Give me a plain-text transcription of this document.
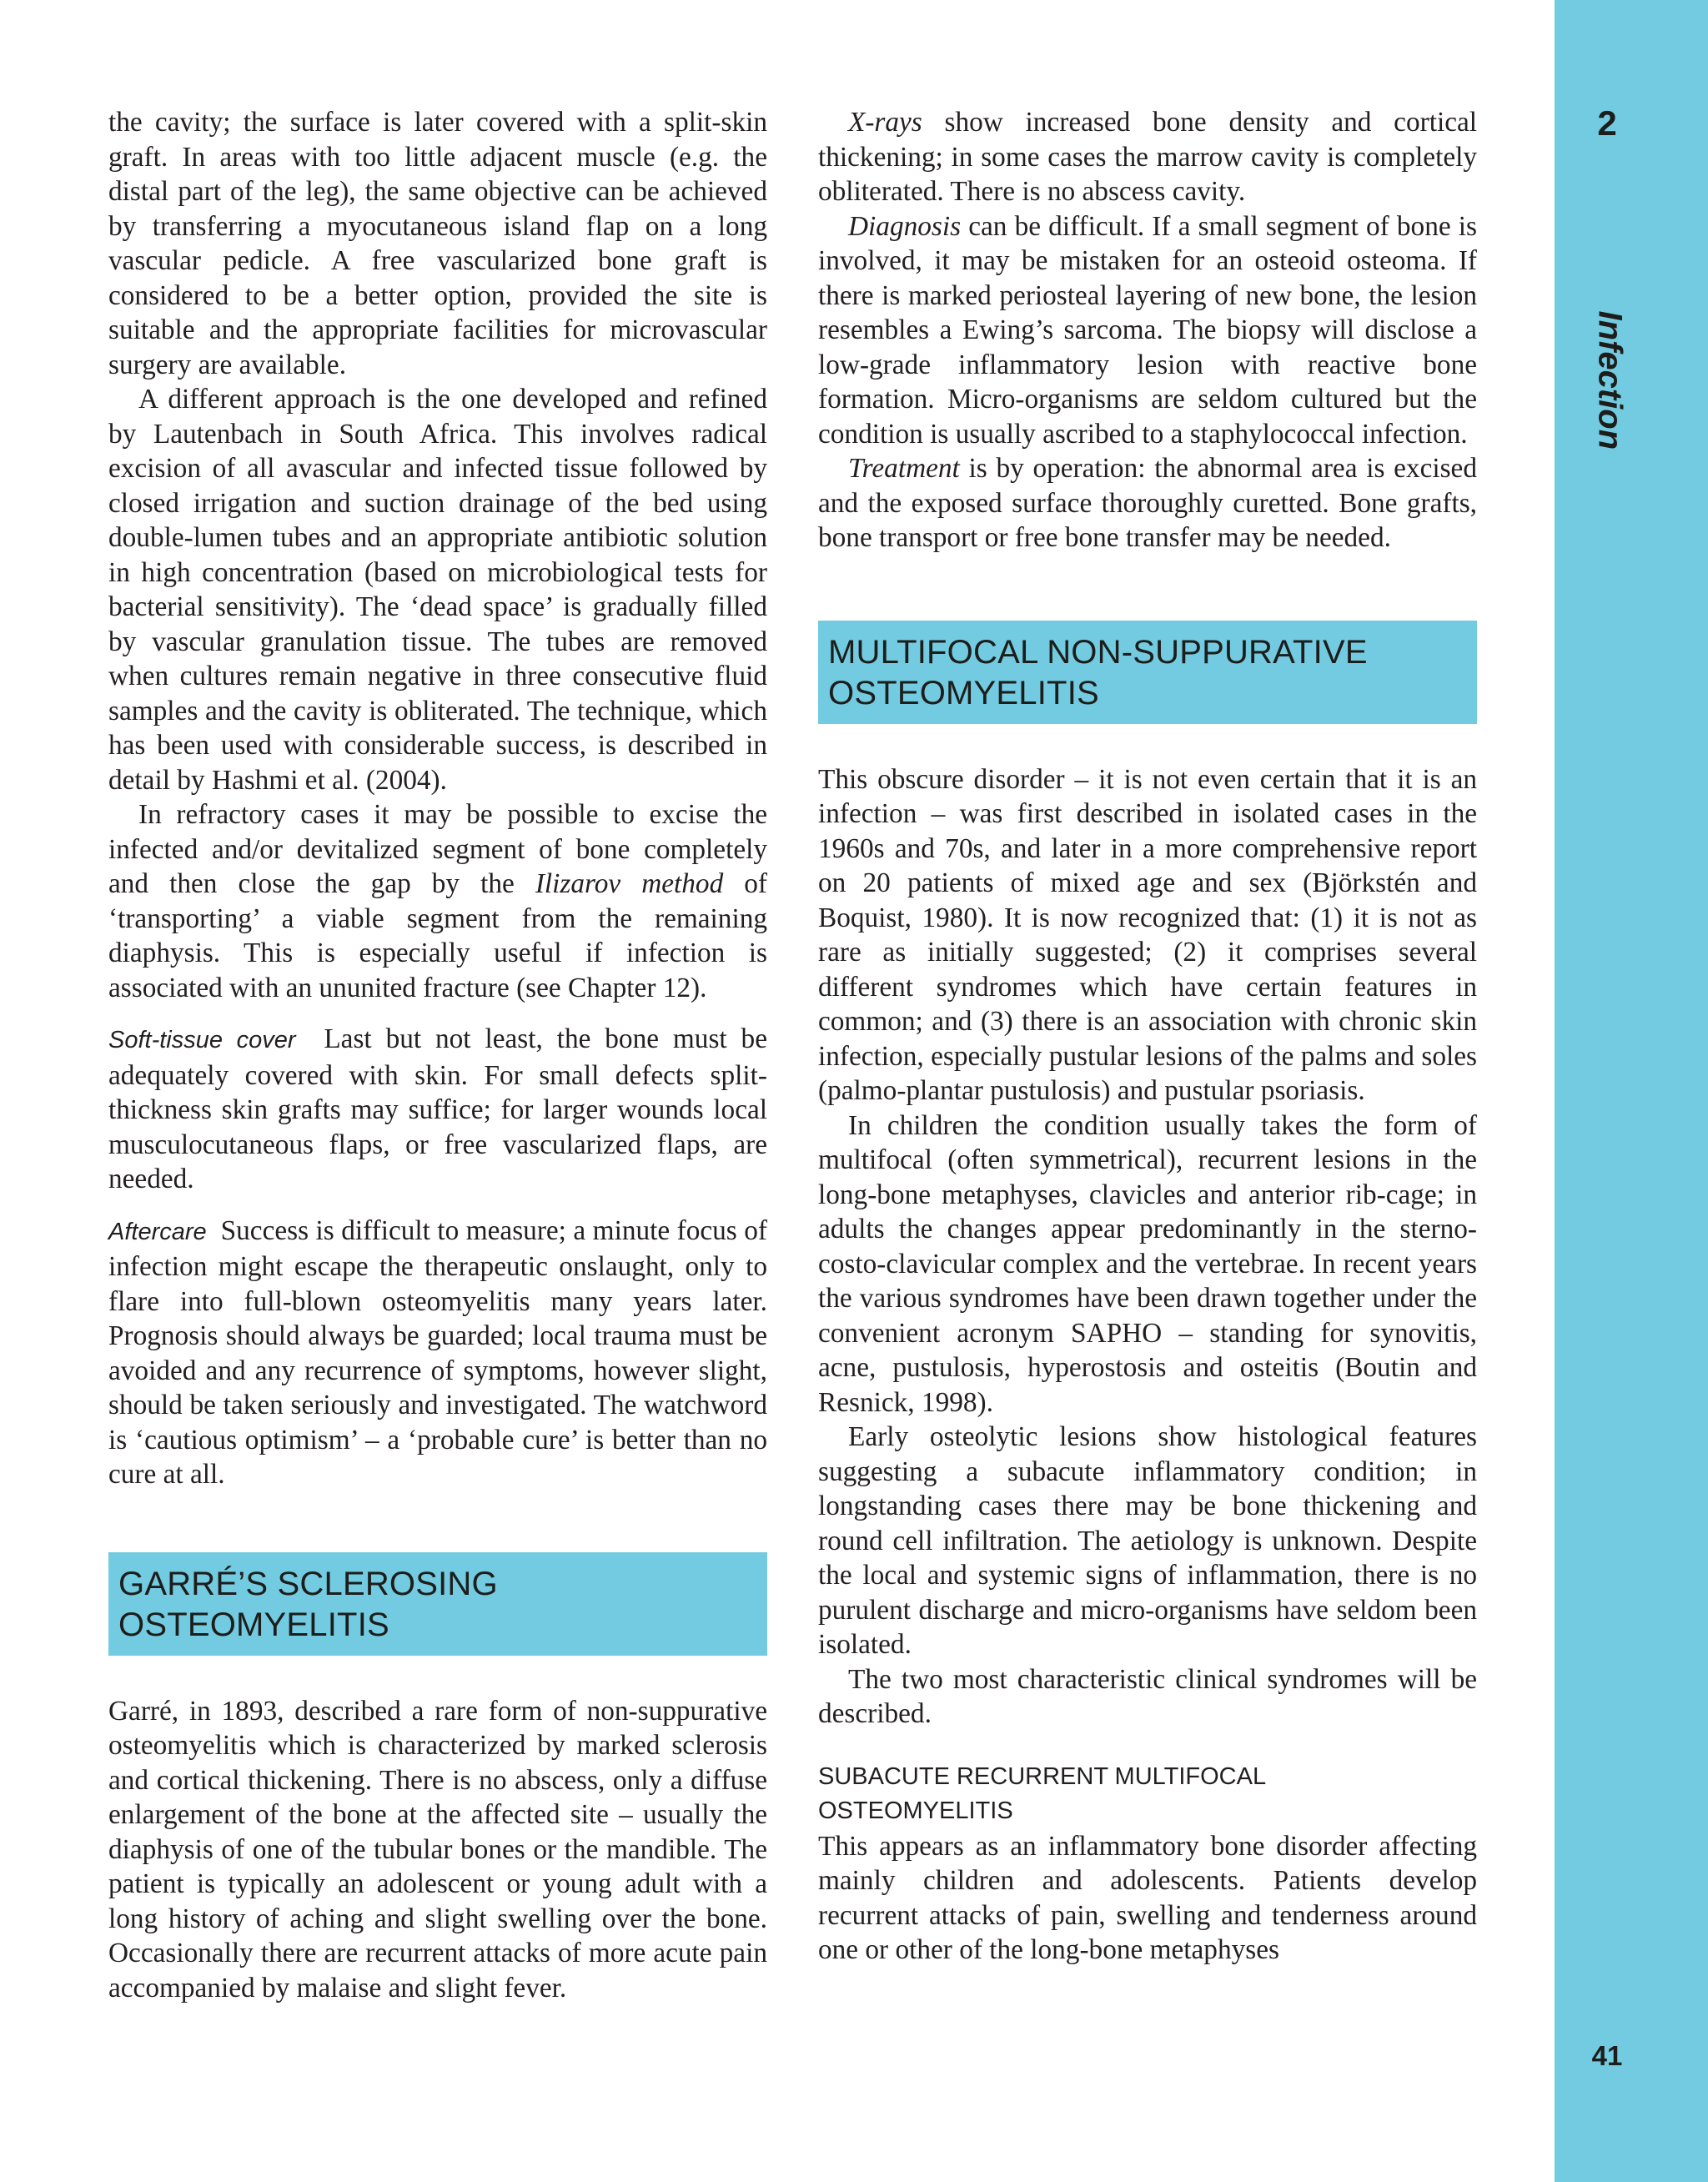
the cavity; the surface is later covered with a split-skin graft. In areas with too little adjacent muscle (e.g. the distal part of the leg), the same objective can be achieved by transferring a myocutaneous island flap on a long vascular pedicle. A free vascularized bone graft is considered to be a better option, provided the site is suitable and the appropriate facilities for microvascular surgery are available.

A different approach is the one developed and refined by Lautenbach in South Africa. This involves radical excision of all avascular and infected tissue followed by closed irrigation and suction drainage of the bed using double-lumen tubes and an appropriate antibiotic solution in high concentration (based on microbiological tests for bacterial sensitivity). The ‘dead space’ is gradually filled by vascular granulation tissue. The tubes are removed when cultures remain negative in three consecutive fluid samples and the cavity is obliterated. The technique, which has been used with considerable success, is described in detail by Hashmi et al. (2004).

In refractory cases it may be possible to excise the infected and/or devitalized segment of bone completely and then close the gap by the Ilizarov method of ‘transporting’ a viable segment from the remaining diaphysis. This is especially useful if infection is associated with an ununited fracture (see Chapter 12).

Soft-tissue cover Last but not least, the bone must be adequately covered with skin. For small defects split-thickness skin grafts may suffice; for larger wounds local musculocutaneous flaps, or free vascularized flaps, are needed.

Aftercare Success is difficult to measure; a minute focus of infection might escape the therapeutic onslaught, only to flare into full-blown osteomyelitis many years later. Prognosis should always be guarded; local trauma must be avoided and any recurrence of symptoms, however slight, should be taken seriously and investigated. The watchword is ‘cautious optimism’ – a ‘probable cure’ is better than no cure at all.

GARRÉ’S SCLEROSING
OSTEOMYELITIS

Garré, in 1893, described a rare form of non-suppurative osteomyelitis which is characterized by marked sclerosis and cortical thickening. There is no abscess, only a diffuse enlargement of the bone at the affected site – usually the diaphysis of one of the tubular bones or the mandible. The patient is typically an adolescent or young adult with a long history of aching and slight swelling over the bone. Occasionally there are recurrent attacks of more acute pain accompanied by malaise and slight fever.

X-rays show increased bone density and cortical thickening; in some cases the marrow cavity is completely obliterated. There is no abscess cavity.

Diagnosis can be difficult. If a small segment of bone is involved, it may be mistaken for an osteoid osteoma. If there is marked periosteal layering of new bone, the lesion resembles a Ewing’s sarcoma. The biopsy will disclose a low-grade inflammatory lesion with reactive bone formation. Micro-organisms are seldom cultured but the condition is usually ascribed to a staphylococcal infection.

Treatment is by operation: the abnormal area is excised and the exposed surface thoroughly curetted. Bone grafts, bone transport or free bone transfer may be needed.

MULTIFOCAL NON-SUPPURATIVE
OSTEOMYELITIS

This obscure disorder – it is not even certain that it is an infection – was first described in isolated cases in the 1960s and 70s, and later in a more comprehensive report on 20 patients of mixed age and sex (Björkstén and Boquist, 1980). It is now recognized that: (1) it is not as rare as initially suggested; (2) it comprises several different syndromes which have certain features in common; and (3) there is an association with chronic skin infection, especially pustular lesions of the palms and soles (palmo-plantar pustulosis) and pustular psoriasis.

In children the condition usually takes the form of multifocal (often symmetrical), recurrent lesions in the long-bone metaphyses, clavicles and anterior rib-cage; in adults the changes appear predominantly in the sterno-costo-clavicular complex and the vertebrae. In recent years the various syndromes have been drawn together under the convenient acronym SAPHO – standing for synovitis, acne, pustulosis, hyperostosis and osteitis (Boutin and Resnick, 1998).

Early osteolytic lesions show histological features suggesting a subacute inflammatory condition; in longstanding cases there may be bone thickening and round cell infiltration. The aetiology is unknown. Despite the local and systemic signs of inflammation, there is no purulent discharge and micro-organisms have seldom been isolated.

The two most characteristic clinical syndromes will be described.

SUBACUTE RECURRENT MULTIFOCAL
OSTEOMYELITIS

This appears as an inflammatory bone disorder affecting mainly children and adolescents. Patients develop recurrent attacks of pain, swelling and tenderness around one or other of the long-bone metaphyses

2
Infection
41
